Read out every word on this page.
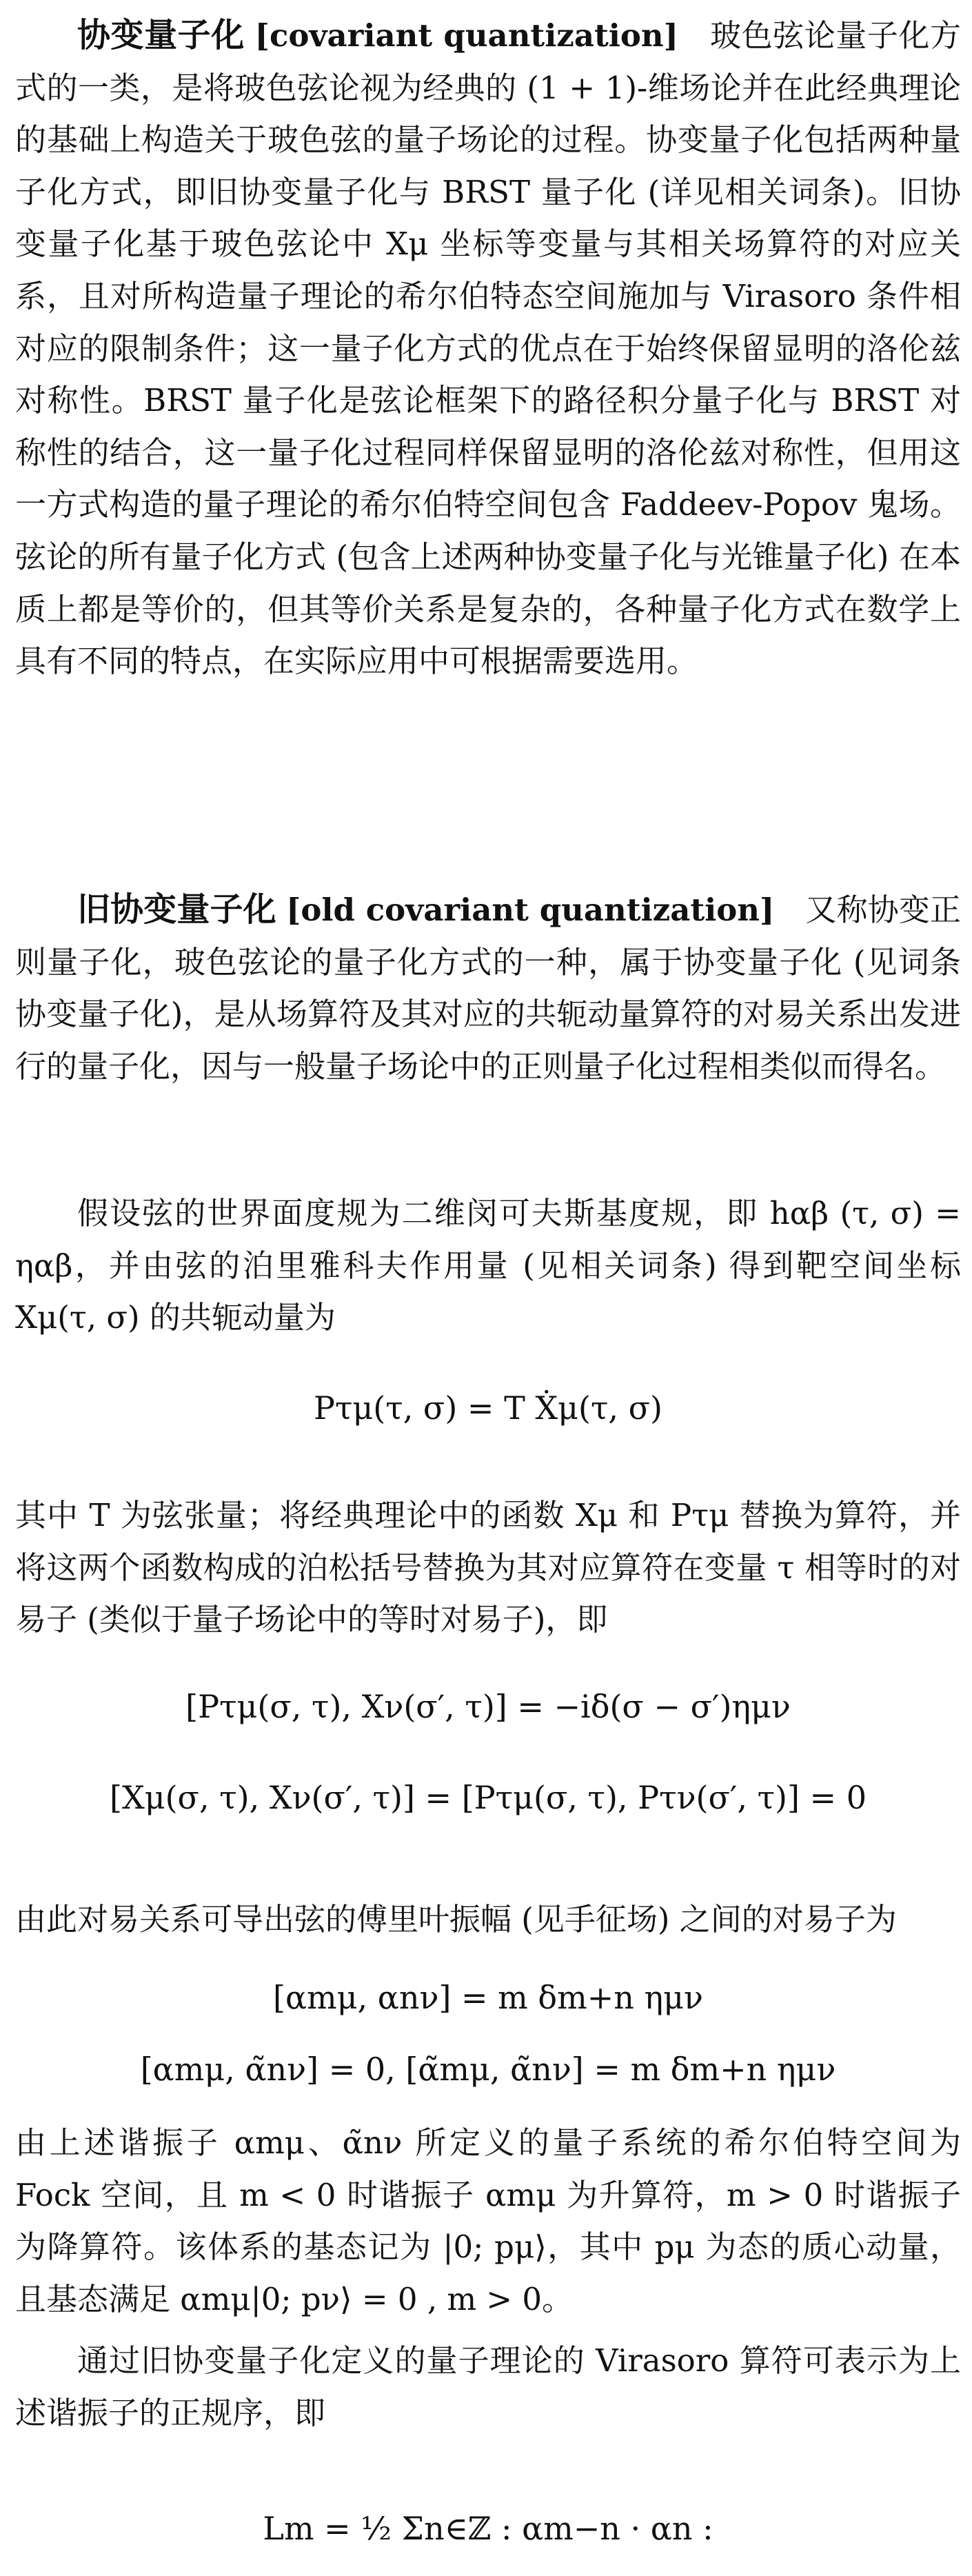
协变量子化 [covariant quantization]　 玻色弦论量子化方式的一类，是将玻色弦论视为经典的 (1 + 1)-维场论并在此经典理论的基础上构造关于玻色弦的量子场论的过程。协变量子化包括两种量子化方式，即旧协变量子化与 BRST 量子化 (详见相关词条)。旧协变量子化基于玻色弦论中 Xμ 坐标等变量与其相关场算符的对应关系，且对所构造量子理论的希尔伯特态空间施加与 Virasoro 条件相对应的限制条件；这一量子化方式的优点在于始终保留显明的洛伦兹对称性。BRST 量子化是弦论框架下的路径积分量子化与 BRST 对称性的结合，这一量子化过程同样保留显明的洛伦兹对称性，但用这一方式构造的量子理论的希尔伯特空间包含 Faddeev-Popov 鬼场。弦论的所有量子化方式 (包含上述两种协变量子化与光锥量子化) 在本质上都是等价的，但其等价关系是复杂的，各种量子化方式在数学上具有不同的特点，在实际应用中可根据需要选用。

旧协变量子化 [old covariant quantization]　 又称协变正则量子化，玻色弦论的量子化方式的一种，属于协变量子化 (见词条协变量子化)，是从场算符及其对应的共轭动量算符的对易关系出发进行的量子化，因与一般量子场论中的正则量子化过程相类似而得名。

假设弦的世界面度规为二维闵可夫斯基度规，即 hαβ (τ, σ) = ηαβ，并由弦的泊里雅科夫作用量 (见相关词条) 得到靶空间坐标 Xμ(τ, σ) 的共轭动量为

Pτμ(τ, σ) = T Ẋμ(τ, σ)

其中 T 为弦张量；将经典理论中的函数 Xμ 和 Pτμ 替换为算符，并将这两个函数构成的泊松括号替换为其对应算符在变量 τ 相等时的对易子 (类似于量子场论中的等时对易子)，即

[Pτμ(σ, τ), Xν(σ′, τ)] = −iδ(σ − σ′)ημν
[Xμ(σ, τ), Xν(σ′, τ)] = [Pτμ(σ, τ), Pτν(σ′, τ)] = 0

由此对易关系可导出弦的傅里叶振幅 (见手征场) 之间的对易子为

[αmμ, αnν] = m δm+n ημν
[αmμ, α̃nν] = 0, [α̃mμ, α̃nν] = m δm+n ημν

由上述谐振子 αmμ、α̃nν 所定义的量子系统的希尔伯特空间为 Fock 空间，且 m < 0 时谐振子 αmμ 为升算符，m > 0 时谐振子为降算符。该体系的基态记为 |0; pμ⟩，其中 pμ 为态的质心动量，且基态满足 αmμ|0; pν⟩ = 0 , m > 0。

通过旧协变量子化定义的量子理论的 Virasoro 算符可表示为上述谐振子的正规序，即

Lm = ½ Σn∈ℤ : αm−n · αn :
